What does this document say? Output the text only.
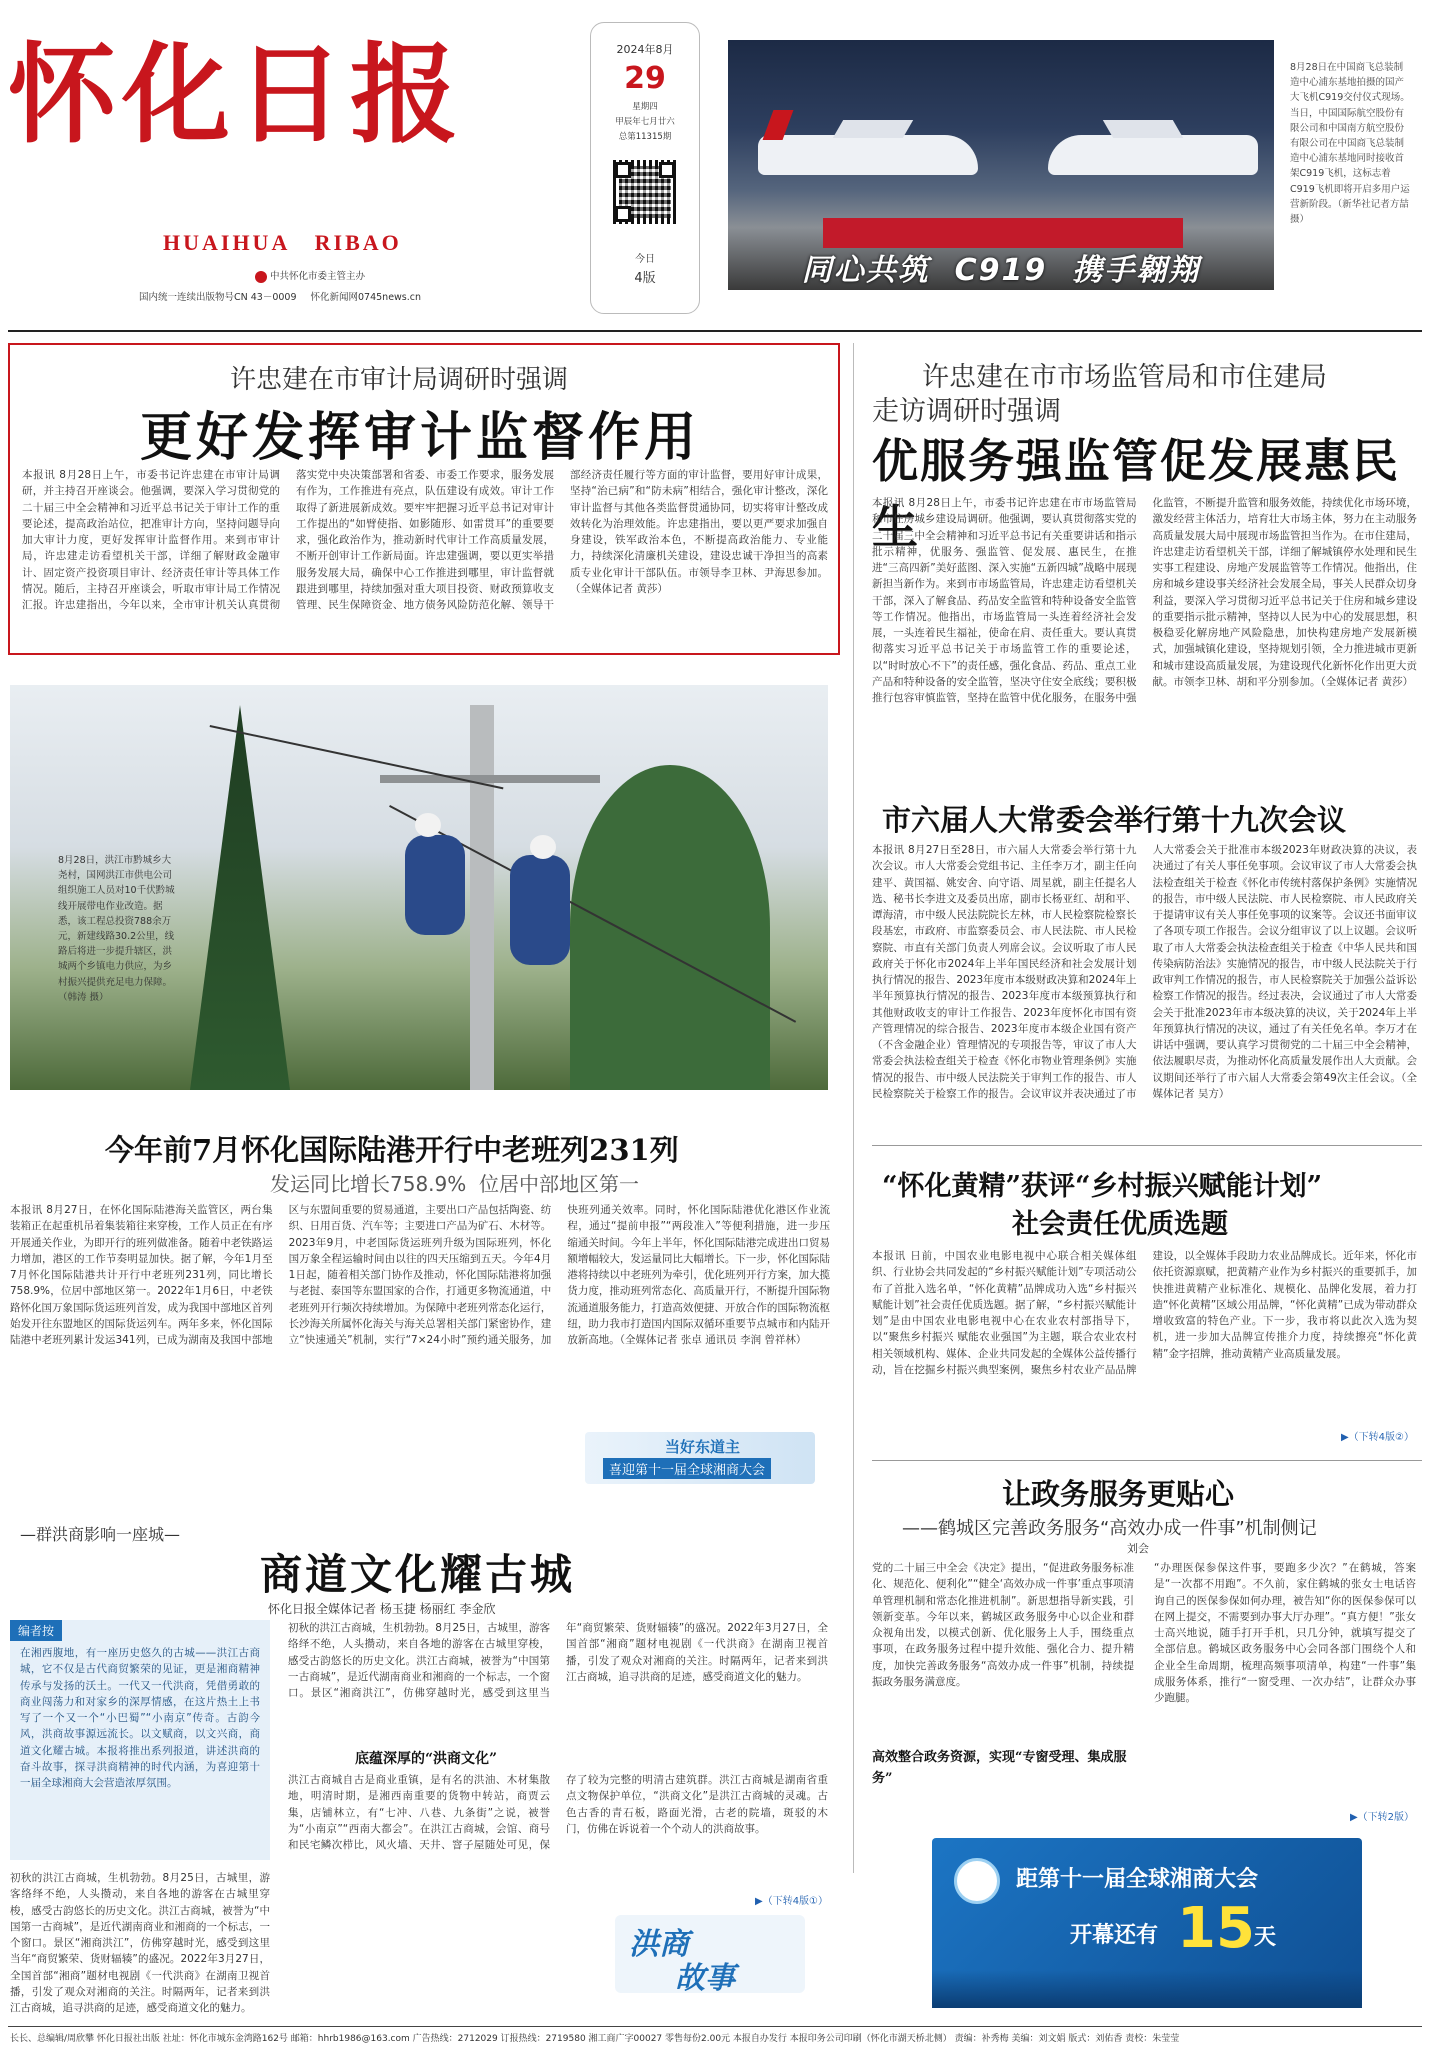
怀化日报
HUAIHUA   RIBAO
中共怀化市委主管主办
国内统一连续出版物号CN 43－0009 怀化新闻网0745news.cn
2024年8月
29
星期四
甲辰年七月廿六
总第11315期
今日
4版	同心共筑  C919  携手翱翔
8月28日在中国商飞总装制造中心浦东基地拍摄的国产大飞机C919交付仪式现场。当日，中国国际航空股份有限公司和中国南方航空股份有限公司在中国商飞总装制造中心浦东基地同时接收首架C919飞机，这标志着C919飞机即将开启多用户运营新阶段。（新华社记者方喆摄）
许忠建在市审计局调研时强调
更好发挥审计监督作用
本报讯 8月28日上午，市委书记许忠建在市审计局调研，并主持召开座谈会。他强调，要深入学习贯彻党的二十届三中全会精神和习近平总书记关于审计工作的重要论述，提高政治站位，把准审计方向，坚持问题导向加大审计力度，更好发挥审计监督作用。来到市审计局，许忠建走访看望机关干部，详细了解财政金融审计、固定资产投资项目审计、经济责任审计等具体工作情况。随后，主持召开座谈会，听取市审计局工作情况汇报。许忠建指出，今年以来，全市审计机关认真贯彻落实党中央决策部署和省委、市委工作要求，服务发展有作为，工作推进有亮点，队伍建设有成效。审计工作取得了新进展新成效。要牢牢把握习近平总书记对审计工作提出的“如臂使指、如影随形、如雷贯耳”的重要要求，强化政治作为，推动新时代审计工作高质量发展，不断开创审计工作新局面。许忠建强调，要以更实举措服务发展大局，确保中心工作推进到哪里，审计监督就跟进到哪里，持续加强对重大项目投资、财政预算收支管理、民生保障资金、地方债务风险防范化解、领导干部经济责任履行等方面的审计监督，要用好审计成果，坚持“治已病”和“防未病”相结合，强化审计整改，深化审计监督与其他各类监督贯通协同，切实将审计整改成效转化为治理效能。许忠建指出，要以更严要求加强自身建设，铁军政治本色，不断提高政治能力、专业能力，持续深化清廉机关建设，建设忠诚干净担当的高素质专业化审计干部队伍。市领导李卫林、尹海思参加。（全媒体记者 黄莎）
许忠建在市市场监管局和市住建局
走访调研时强调
优服务强监管促发展惠民生
本报讯 8月28日上午，市委书记许忠建在市市场监管局和市住房城乡建设局调研。他强调，要认真贯彻落实党的二十届三中全会精神和习近平总书记有关重要讲话和指示批示精神，优服务、强监管、促发展、惠民生，在推进“三高四新”美好蓝图、深入实施“五新四城”战略中展现新担当新作为。来到市市场监管局，许忠建走访看望机关干部，深入了解食品、药品安全监管和特种设备安全监管等工作情况。他指出，市场监管局一头连着经济社会发展，一头连着民生福祉，使命在肩、责任重大。要认真贯彻落实习近平总书记关于市场监管工作的重要论述，以“时时放心不下”的责任感，强化食品、药品、重点工业产品和特种设备的安全监管，坚决守住安全底线；要积极推行包容审慎监管，坚持在监管中优化服务，在服务中强化监管，不断提升监管和服务效能，持续优化市场环境，激发经营主体活力，培育壮大市场主体，努力在主动服务高质量发展大局中展现市场监管担当作为。在市住建局，许忠建走访看望机关干部，详细了解城镇停水处理和民生实事工程建设、房地产发展监管等工作情况。他指出，住房和城乡建设事关经济社会发展全局，事关人民群众切身利益，要深入学习贯彻习近平总书记关于住房和城乡建设的重要指示批示精神，坚持以人民为中心的发展思想，积极稳妥化解房地产风险隐患，加快构建房地产发展新模式，加强城镇化建设，坚持规划引领，全力推进城市更新和城市建设高质量发展，为建设现代化新怀化作出更大贡献。市领李卫林、胡和平分别参加。（全媒体记者 黄莎）
8月28日，洪江市黔城乡大尧村，国网洪江市供电公司组织施工人员对10千伏黔城线开展带电作业改造。据悉，该工程总投资788余万元，新建线路30.2公里，线路后将进一步提升辖区，洪城两个乡镇电力供应，为乡村振兴提供充足电力保障。（韩涛 摄）
市六届人大常委会举行第十九次会议
本报讯 8月27日至28日，市六届人大常委会举行第十九次会议。市人大常委会党组书记、主任李万才，副主任向建平、黄国福、姚安舍、向守语、周星就，副主任提名人选、秘书长李进文及委员出席，副市长杨亚红、胡和平、谭海清，市中级人民法院院长左林，市人民检察院检察长段基宏，市政府、市监察委员会、市人民法院、市人民检察院、市直有关部门负责人列席会议。会议听取了市人民政府关于怀化市2024年上半年国民经济和社会发展计划执行情况的报告、2023年度市本级财政决算和2024年上半年预算执行情况的报告、2023年度市本级预算执行和其他财政收支的审计工作报告、2023年度怀化市国有资产管理情况的综合报告、2023年度市本级企业国有资产（不含金融企业）管理情况的专项报告等，审议了市人大常委会执法检查组关于检查《怀化市物业管理条例》实施情况的报告、市中级人民法院关于审判工作的报告、市人民检察院关于检察工作的报告。会议审议并表决通过了市人大常委会关于批准市本级2023年财政决算的决议，表决通过了有关人事任免事项。会议审议了市人大常委会执法检查组关于检查《怀化市传统村落保护条例》实施情况的报告，市中级人民法院、市人民检察院、市人民政府关于提请审议有关人事任免事项的议案等。会议还书面审议了各项专项工作报告。会议分组审议了以上议题。会议听取了市人大常委会执法检查组关于检查《中华人民共和国传染病防治法》实施情况的报告，市中级人民法院关于行政审判工作情况的报告，市人民检察院关于加强公益诉讼检察工作情况的报告。经过表决，会议通过了市人大常委会关于批准2023年市本级决算的决议，关于2024年上半年预算执行情况的决议，通过了有关任免名单。李万才在讲话中强调，要认真学习贯彻党的二十届三中全会精神，依法履职尽责，为推动怀化高质量发展作出人大贡献。会议期间还举行了市六届人大常委会第49次主任会议。（全媒体记者 吴方）
今年前7月怀化国际陆港开行中老班列231列
发运同比增长758.9%  位居中部地区第一
本报讯 8月27日，在怀化国际陆港海关监管区，两台集装箱正在起重机吊着集装箱往来穿梭，工作人员正在有序开展通关作业，为即开行的班列做准备。随着中老铁路运力增加，港区的工作节奏明显加快。据了解，今年1月至7月怀化国际陆港共计开行中老班列231列，同比增长758.9%，位居中部地区第一。2022年1月6日，中老铁路怀化国万象国际货运班列首发，成为我国中部地区首列始发开往东盟地区的国际货运列车。两年多来，怀化国际陆港中老班列累计发运341列，已成为湖南及我国中部地区与东盟间重要的贸易通道，主要出口产品包括陶瓷、纺织、日用百货、汽车等；主要进口产品为矿石、木材等。2023年9月，中老国际货运班列升级为国际班列，怀化国万象全程运输时间由以往的四天压缩到五天。今年4月1日起，随着相关部门协作及推动，怀化国际陆港将加强与老挝、泰国等东盟国家的合作，打通更多物流通道，中老班列开行频次持续增加。为保障中老班列常态化运行，长沙海关所属怀化海关与海关总署相关部门紧密协作，建立“快速通关”机制，实行“7×24小时”预约通关服务，加快班列通关效率。同时，怀化国际陆港优化港区作业流程，通过“提前申报”“两段准入”等便利措施，进一步压缩通关时间。今年上半年，怀化国际陆港完成进出口贸易额增幅较大，发运量同比大幅增长。下一步，怀化国际陆港将持续以中老班列为牵引，优化班列开行方案，加大揽货力度，推动班列常态化、高质量开行，不断提升国际物流通道服务能力，打造高效便捷、开放合作的国际物流枢纽，助力我市打造国内国际双循环重要节点城市和内陆开放新高地。（全媒体记者 张卓 通讯员 李润 曾祥林）
当好东道主
喜迎第十一届全球湘商大会
“怀化黄精”获评“乡村振兴赋能计划”
社会责任优质选题
本报讯 日前，中国农业电影电视中心联合相关媒体组织、行业协会共同发起的“乡村振兴赋能计划”专项活动公布了首批入选名单，“怀化黄精”品牌成功入选“乡村振兴赋能计划”社会责任优质选题。据了解，“乡村振兴赋能计划”是由中国农业电影电视中心在农业农村部指导下，以“聚焦乡村振兴 赋能农业强国”为主题，联合农业农村相关领域机构、媒体、企业共同发起的全媒体公益传播行动，旨在挖掘乡村振兴典型案例，聚焦乡村农业产品品牌建设，以全媒体手段助力农业品牌成长。近年来，怀化市依托资源禀赋，把黄精产业作为乡村振兴的重要抓手，加快推进黄精产业标准化、规模化、品牌化发展，着力打造“怀化黄精”区域公用品牌，“怀化黄精”已成为带动群众增收致富的特色产业。下一步，我市将以此次入选为契机，进一步加大品牌宣传推介力度，持续擦亮“怀化黄精”金字招牌，推动黄精产业高质量发展。
▶（下转4版②）
让政务服务更贴心
——鹤城区完善政务服务“高效办成一件事”机制侧记
刘会
党的二十届三中全会《决定》提出，“促进政务服务标准化、规范化、便利化”“健全‘高效办成一件事’重点事项清单管理机制和常态化推进机制”。新思想指导新实践，引领新变革。今年以来，鹤城区政务服务中心以企业和群众视角出发，以模式创新、优化服务上人手，围绕重点事项，在政务服务过程中提升效能、强化合力、提升精度，加快完善政务服务“高效办成一件事”机制，持续提振政务服务满意度。
高效整合政务资源，实现“专窗受理、集成服务”
“办理医保参保这件事，要跑多少次？”在鹤城，答案是“一次都不用跑”。不久前，家住鹤城的张女士电话咨询自己的医保参保如何办理，被告知“你的医保参保可以在网上提交，不需要到办事大厅办理”。“真方便！”张女士高兴地说，随手打开手机，只几分钟，就填写提交了全部信息。鹤城区政务服务中心会同各部门围绕个人和企业全生命周期，梳理高频事项清单，构建“一件事”集成服务体系，推行“一窗受理、一次办结”，让群众办事少跑腿。
▶（下转2版）
—群洪商影响一座城—
商道文化耀古城
怀化日报全媒体记者 杨玉捷 杨丽红 李金欣
编者按
在湘西腹地，有一座历史悠久的古城——洪江古商城，它不仅是古代商贸繁荣的见证，更是湘商精神传承与发扬的沃土。一代又一代洪商，凭借勇敢的商业闯荡力和对家乡的深厚情感，在这片热土上书写了一个又一个“小巴蜀”“小南京”传奇。古韵今风，洪商故事源远流长。以文赋商，以文兴商，商道文化耀古城。本报将推出系列报道，讲述洪商的奋斗故事，探寻洪商精神的时代内涵，为喜迎第十一届全球湘商大会营造浓厚氛围。
初秋的洪江古商城，生机勃勃。8月25日，古城里，游客络绎不绝，人头攒动，来自各地的游客在古城里穿梭，感受古韵悠长的历史文化。洪江古商城，被誉为“中国第一古商城”，是近代湖南商业和湘商的一个标志，一个窗口。景区“湘商洪江”，仿佛穿越时光，感受到这里当年“商贸繁荣、货财辐辏”的盛况。2022年3月27日，全国首部“湘商”题材电视剧《一代洪商》在湖南卫视首播，引发了观众对湘商的关注。时隔两年，记者来到洪江古商城，追寻洪商的足迹，感受商道文化的魅力。
初秋的洪江古商城，生机勃勃。8月25日，古城里，游客络绎不绝，人头攒动，来自各地的游客在古城里穿梭，感受古韵悠长的历史文化。洪江古商城，被誉为“中国第一古商城”，是近代湖南商业和湘商的一个标志，一个窗口。景区“湘商洪江”，仿佛穿越时光，感受到这里当年“商贸繁荣、货财辐辏”的盛况。2022年3月27日，全国首部“湘商”题材电视剧《一代洪商》在湖南卫视首播，引发了观众对湘商的关注。时隔两年，记者来到洪江古商城，追寻洪商的足迹，感受商道文化的魅力。
底蕴深厚的“洪商文化”
洪江古商城自古是商业重镇，是有名的洪油、木材集散地，明清时期，是湘西南重要的货物中转站，商贾云集，店铺林立，有“七冲、八巷、九条街”之说，被誉为“小南京”“西南大都会”。在洪江古商城，会馆、商号和民宅鳞次栉比，风火墙、天井、窨子屋随处可见，保存了较为完整的明清古建筑群。洪江古商城是湖南省重点文物保护单位，“洪商文化”是洪江古商城的灵魂。古色古香的青石板，路面光滑，古老的院墙，斑驳的木门，仿佛在诉说着一个个动人的洪商故事。
▶（下转4版①）
洪商
故事
距第十一届全球湘商大会
开幕还有 15 天
长长、总编辑/周欣攀 怀化日报社出版 社址：怀化市城东金湾路162号 邮箱：hhrb1986@163.com 广告热线：2712029 订报热线：2719580 湘工商广字00027 零售每份2.00元 本报自办发行 本报印务公司印刷（怀化市湖天桥北侧） 责编：补秀梅 美编：刘文娟 版式：刘佑香 责校：朱莹莹
